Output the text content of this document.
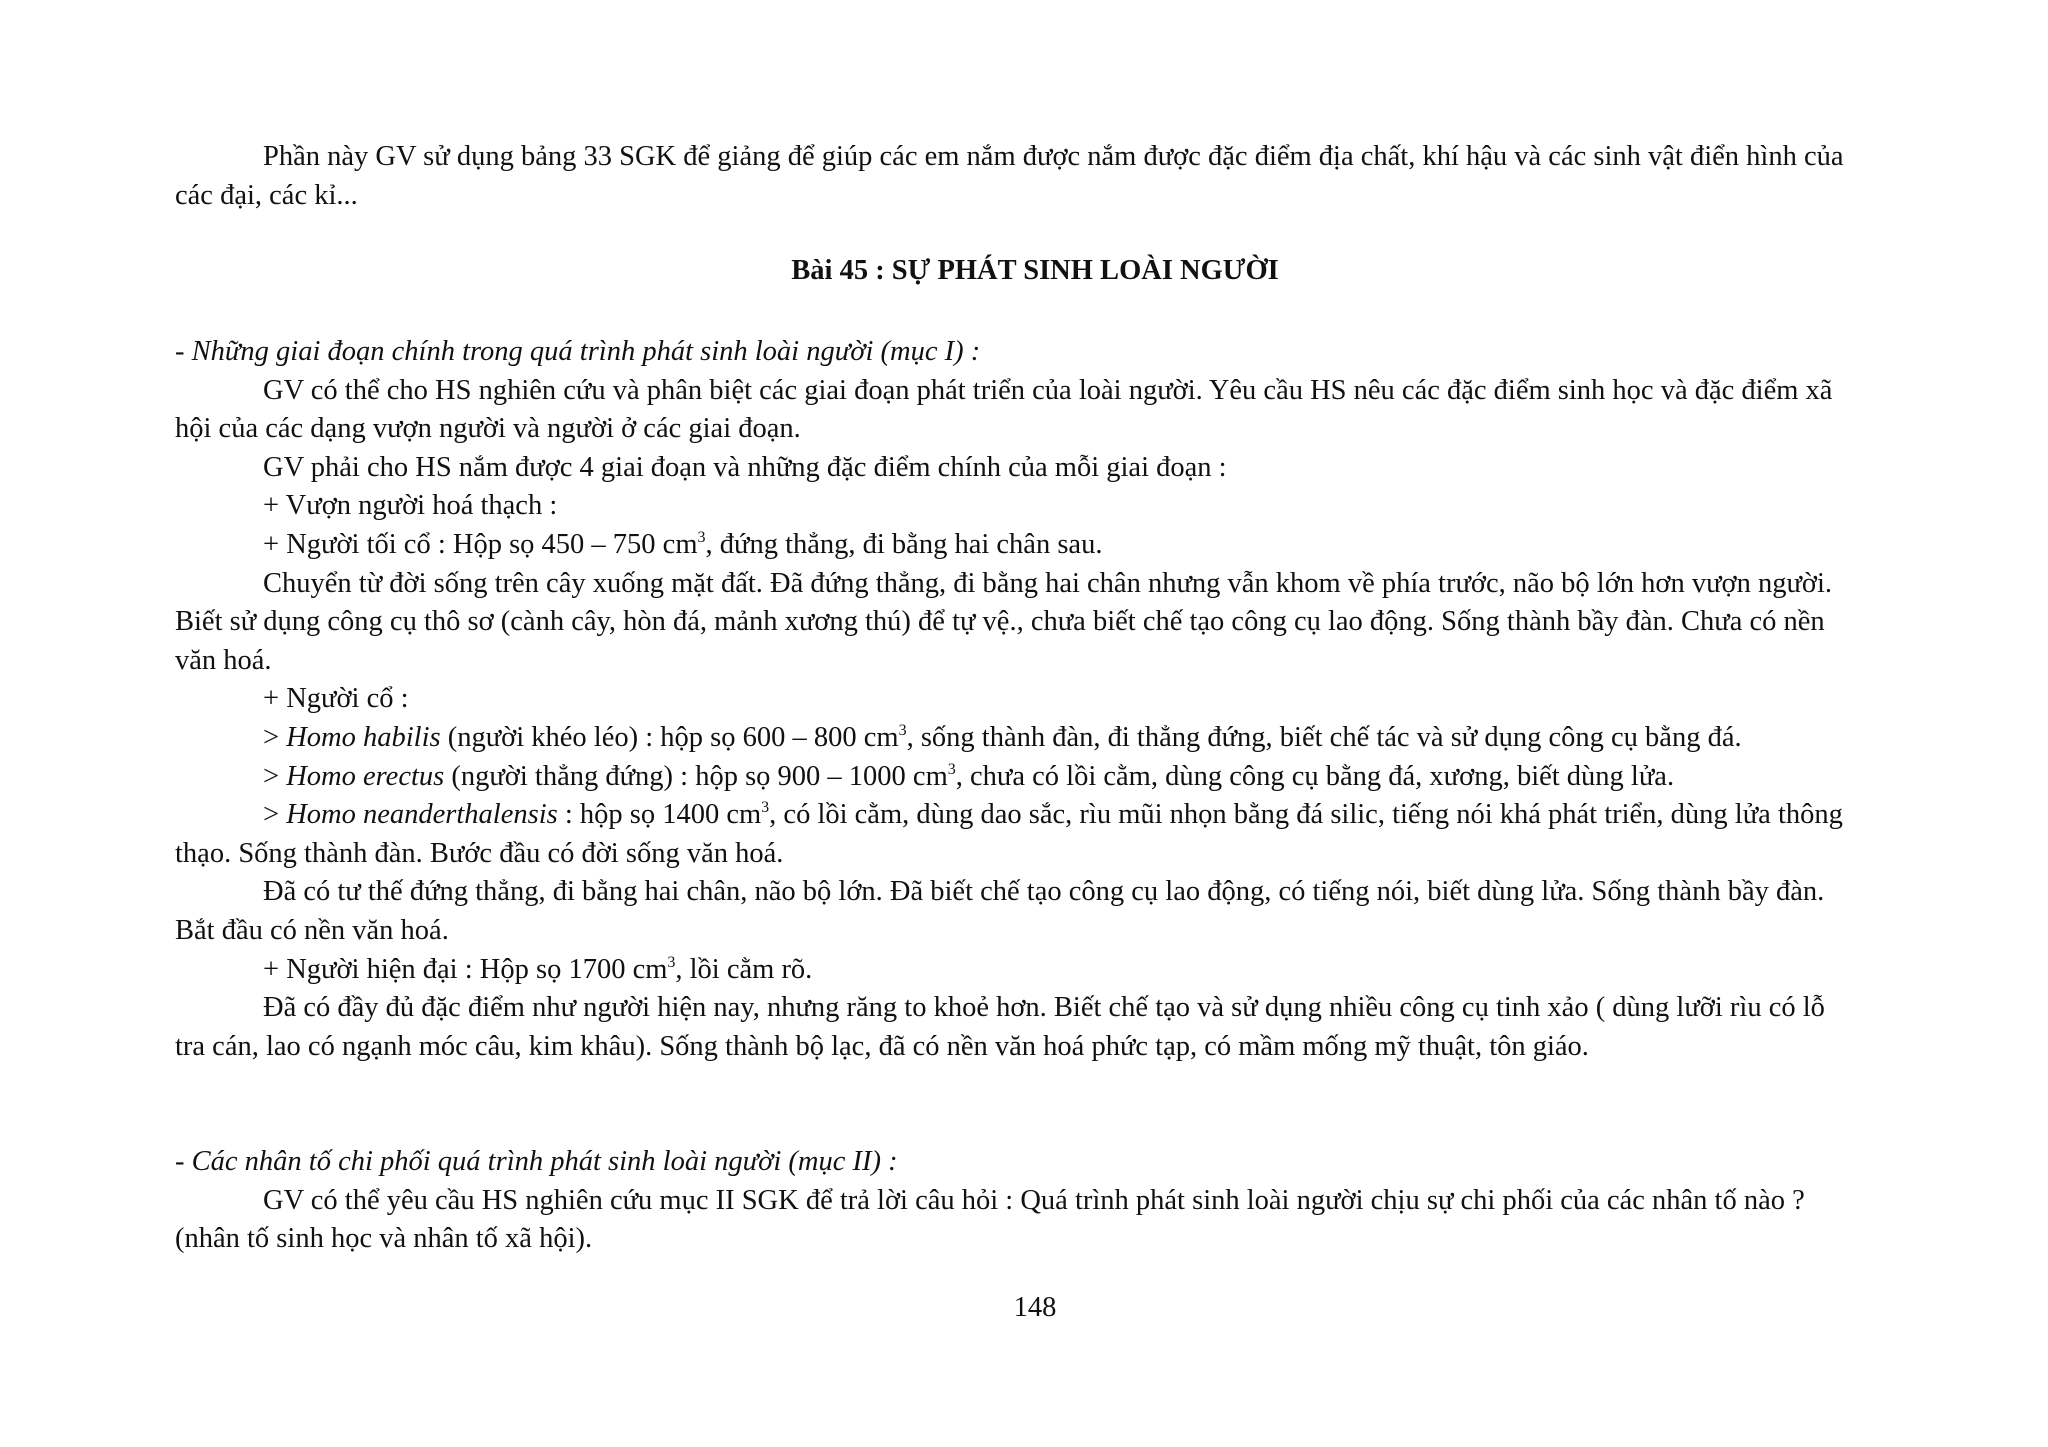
Phần này GV sử dụng bảng 33 SGK để giảng để giúp các em nắm được nắm được đặc điểm địa chất, khí hậu và các sinh vật điển hình của
các đại, các kỉ...
Bài 45 : SỰ PHÁT SINH LOÀI NGƯỜI
- Những giai đoạn chính trong quá trình phát sinh loài người (mục I) :
GV có thể cho HS nghiên cứu và phân biệt các giai đoạn phát triển của loài người. Yêu cầu HS nêu các đặc điểm sinh học và đặc điểm xã
hội của các dạng vượn người và người ở các giai đoạn.
GV phải cho HS nắm được 4 giai đoạn và những đặc điểm chính của mỗi giai đoạn :
+ Vượn người hoá thạch :
+ Người tối cổ : Hộp sọ 450 – 750 $cm^3$, đứng thẳng, đi bằng hai chân sau.
Chuyển từ đời sống trên cây xuống mặt đất. Đã đứng thẳng, đi bằng hai chân nhưng vẫn khom về phía trước, não bộ lớn hơn vượn người.
Biết sử dụng công cụ thô sơ (cành cây, hòn đá, mảnh xương thú) để tự vệ., chưa biết chế tạo công cụ lao động. Sống thành bầy đàn. Chưa có nền
văn hoá.
+ Người cổ :
> Homo habilis (người khéo léo) : hộp sọ 600 – 800 $cm^3$, sống thành đàn, đi thẳng đứng, biết chế tác và sử dụng công cụ bằng đá.
> Homo erectus (người thẳng đứng) : hộp sọ 900 – 1000 $cm^3$, chưa có lồi cằm, dùng công cụ bằng đá, xương, biết dùng lửa.
> Homo neanderthalensis : hộp sọ 1400 $cm^3$, có lồi cằm, dùng dao sắc, rìu mũi nhọn bằng đá silic, tiếng nói khá phát triển, dùng lửa thông
thạo. Sống thành đàn. Bước đầu có đời sống văn hoá.
Đã có tư thế đứng thẳng, đi bằng hai chân, não bộ lớn. Đã biết chế tạo công cụ lao động, có tiếng nói, biết dùng lửa. Sống thành bầy đàn.
Bắt đầu có nền văn hoá.
+ Người hiện đại : Hộp sọ 1700 $cm^3$, lồi cằm rõ.
Đã có đầy đủ đặc điểm như người hiện nay, nhưng răng to khoẻ hơn. Biết chế tạo và sử dụng nhiều công cụ tinh xảo ( dùng lưỡi rìu có lỗ
tra cán, lao có ngạnh móc câu, kim khâu). Sống thành bộ lạc, đã có nền văn hoá phức tạp, có mầm mống mỹ thuật, tôn giáo.
- Các nhân tố chi phối quá trình phát sinh loài người (mục II) :
GV có thể yêu cầu HS nghiên cứu mục II SGK để trả lời câu hỏi : Quá trình phát sinh loài người chịu sự chi phối của các nhân tố nào ?
(nhân tố sinh học và nhân tố xã hội).
148
